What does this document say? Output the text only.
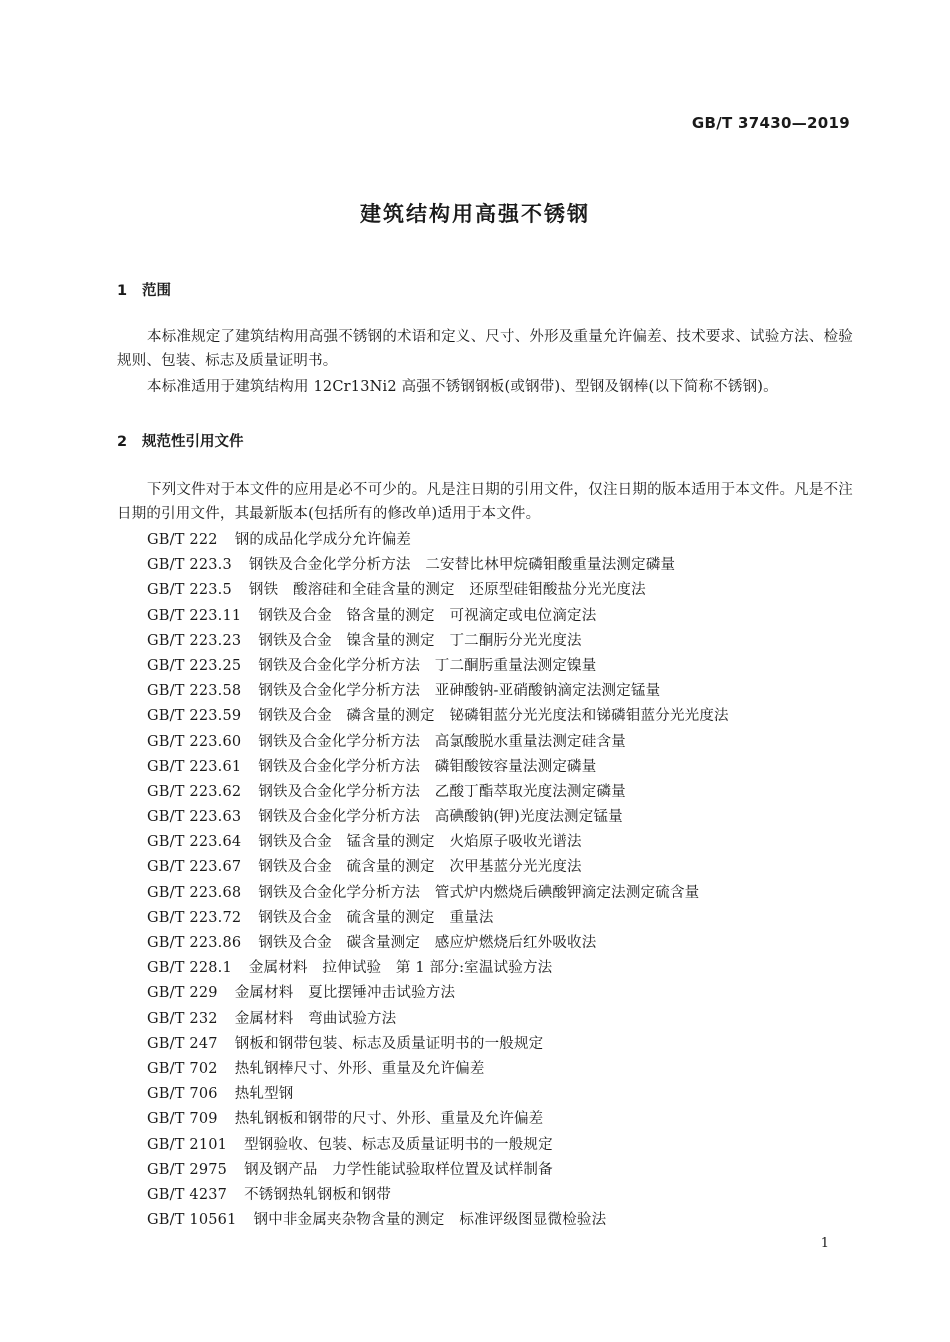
GB/T 37430—2019
建筑结构用高强不锈钢
1 范围
本标准规定了建筑结构用高强不锈钢的术语和定义、尺寸、外形及重量允许偏差、技术要求、试验方法、检验规则、包装、标志及质量证明书。
本标准适用于建筑结构用 12Cr13Ni2 高强不锈钢钢板(或钢带)、型钢及钢棒(以下简称不锈钢)。
2 规范性引用文件
下列文件对于本文件的应用是必不可少的。凡是注日期的引用文件，仅注日期的版本适用于本文件。凡是不注日期的引用文件，其最新版本(包括所有的修改单)适用于本文件。
GB/T 222 钢的成品化学成分允许偏差
GB/T 223.3 钢铁及合金化学分析方法　二安替比林甲烷磷钼酸重量法测定磷量
GB/T 223.5 钢铁　酸溶硅和全硅含量的测定　还原型硅钼酸盐分光光度法
GB/T 223.11 钢铁及合金　铬含量的测定　可视滴定或电位滴定法
GB/T 223.23 钢铁及合金　镍含量的测定　丁二酮肟分光光度法
GB/T 223.25 钢铁及合金化学分析方法　丁二酮肟重量法测定镍量
GB/T 223.58 钢铁及合金化学分析方法　亚砷酸钠-亚硝酸钠滴定法测定锰量
GB/T 223.59 钢铁及合金　磷含量的测定　铋磷钼蓝分光光度法和锑磷钼蓝分光光度法
GB/T 223.60 钢铁及合金化学分析方法　高氯酸脱水重量法测定硅含量
GB/T 223.61 钢铁及合金化学分析方法　磷钼酸铵容量法测定磷量
GB/T 223.62 钢铁及合金化学分析方法　乙酸丁酯萃取光度法测定磷量
GB/T 223.63 钢铁及合金化学分析方法　高碘酸钠(钾)光度法测定锰量
GB/T 223.64 钢铁及合金　锰含量的测定　火焰原子吸收光谱法
GB/T 223.67 钢铁及合金　硫含量的测定　次甲基蓝分光光度法
GB/T 223.68 钢铁及合金化学分析方法　管式炉内燃烧后碘酸钾滴定法测定硫含量
GB/T 223.72 钢铁及合金　硫含量的测定　重量法
GB/T 223.86 钢铁及合金　碳含量测定　感应炉燃烧后红外吸收法
GB/T 228.1 金属材料　拉伸试验　第 1 部分:室温试验方法
GB/T 229 金属材料　夏比摆锤冲击试验方法
GB/T 232 金属材料　弯曲试验方法
GB/T 247 钢板和钢带包装、标志及质量证明书的一般规定
GB/T 702 热轧钢棒尺寸、外形、重量及允许偏差
GB/T 706 热轧型钢
GB/T 709 热轧钢板和钢带的尺寸、外形、重量及允许偏差
GB/T 2101 型钢验收、包装、标志及质量证明书的一般规定
GB/T 2975 钢及钢产品　力学性能试验取样位置及试样制备
GB/T 4237 不锈钢热轧钢板和钢带
GB/T 10561 钢中非金属夹杂物含量的测定　标准评级图显微检验法
1
